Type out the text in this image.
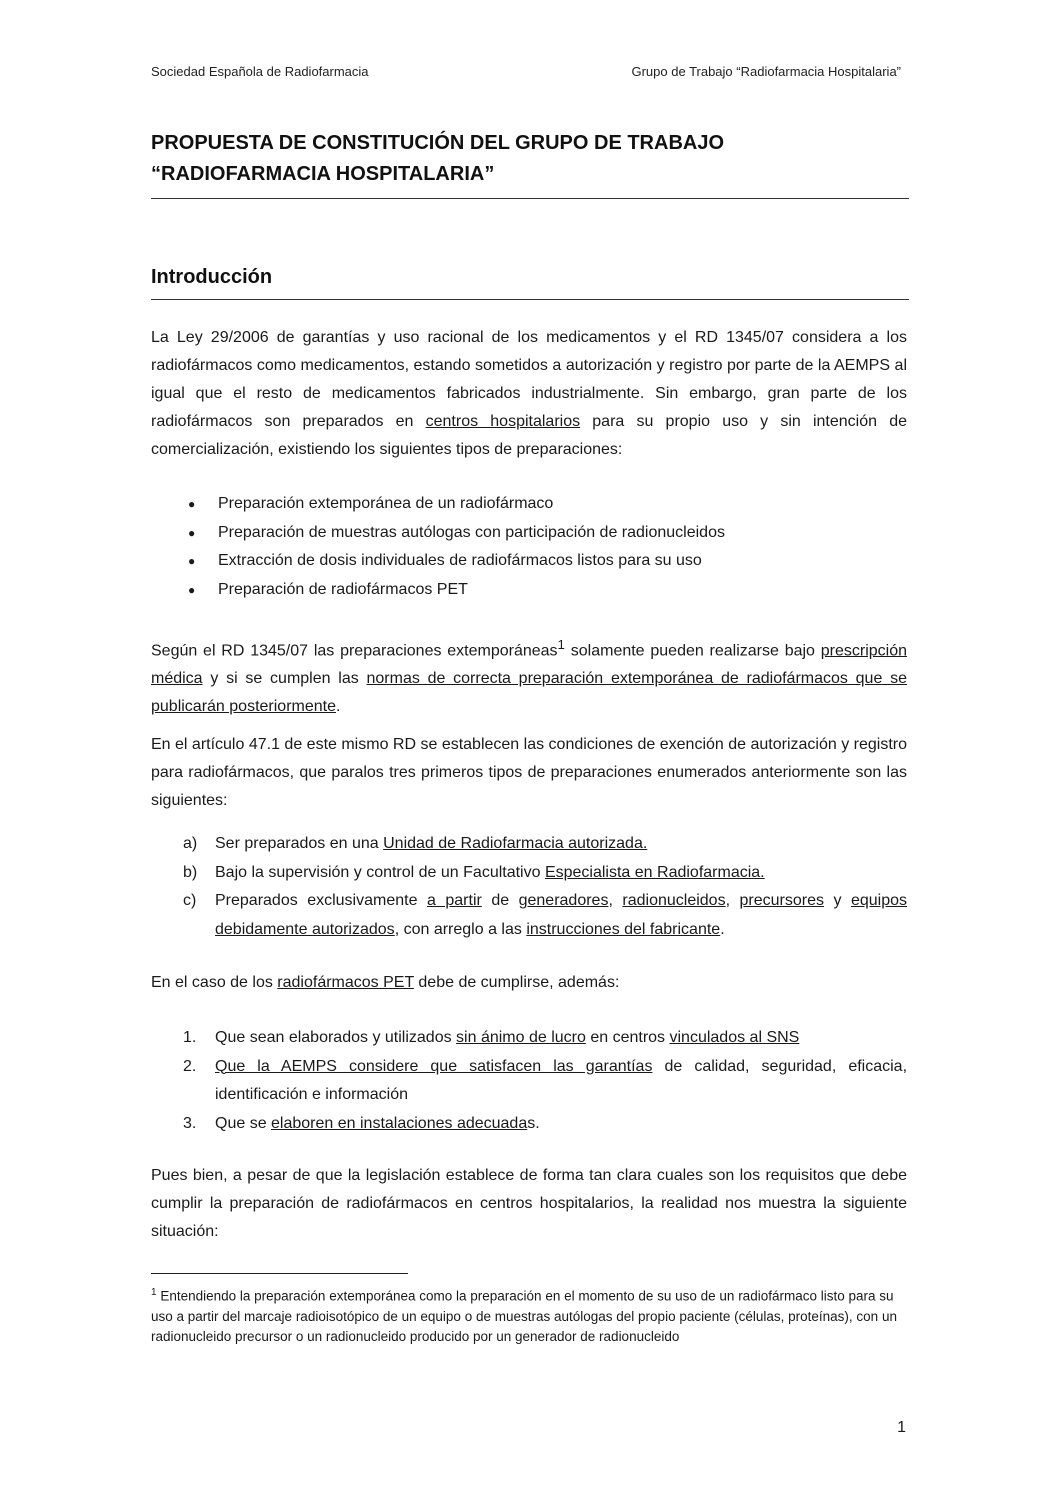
Sociedad Española de Radiofarmacia	Grupo de Trabajo “Radiofarmacia Hospitalaria”
PROPUESTA DE CONSTITUCIÓN DEL GRUPO DE TRABAJO
“RADIOFARMACIA HOSPITALARIA”
Introducción

La Ley 29/2006 de garantías y uso racional de los medicamentos y el RD 1345/07 considera a los radiofármacos como medicamentos, estando sometidos a autorización y registro por parte de la AEMPS al igual que el resto de medicamentos fabricados industrialmente. Sin embargo, gran parte de los radiofármacos son preparados en centros hospitalarios para su propio uso y sin intención de comercialización, existiendo los siguientes tipos de preparaciones:

● Preparación extemporánea de un radiofármaco
● Preparación de muestras autólogas con participación de radionucleidos
● Extracción de dosis individuales de radiofármacos listos para su uso
● Preparación de radiofármacos PET

Según el RD 1345/07 las preparaciones extemporáneas$^1$ solamente pueden realizarse bajo prescripción médica y si se cumplen las normas de correcta preparación extemporánea de radiofármacos que se publicarán posteriormente.

En el artículo 47.1 de este mismo RD se establecen las condiciones de exención de autorización y registro para radiofármacos, que paralos tres primeros tipos de preparaciones enumerados anteriormente son las siguientes:

a) Ser preparados en una Unidad de Radiofarmacia autorizada.
b) Bajo la supervisión y control de un Facultativo Especialista en Radiofarmacia.
c) Preparados exclusivamente a partir de generadores, radionucleidos, precursores y equipos debidamente autorizados, con arreglo a las instrucciones del fabricante.

En el caso de los radiofármacos PET debe de cumplirse, además:

1. Que sean elaborados y utilizados sin ánimo de lucro en centros vinculados al SNS
2. Que la AEMPS considere que satisfacen las garantías de calidad, seguridad, eficacia, identificación e información
3. Que se elaboren en instalaciones adecuadas.

Pues bien, a pesar de que la legislación establece de forma tan clara cuales son los requisitos que debe cumplir la preparación de radiofármacos en centros hospitalarios, la realidad nos muestra la siguiente situación:

$^1$ Entendiendo la preparación extemporánea como la preparación en el momento de su uso de un radiofármaco listo para su uso a partir del marcaje radioisotópico de un equipo o de muestras autólogas del propio paciente (células, proteínas), con un radionucleido precursor o un radionucleido producido por un generador de radionucleido

1
